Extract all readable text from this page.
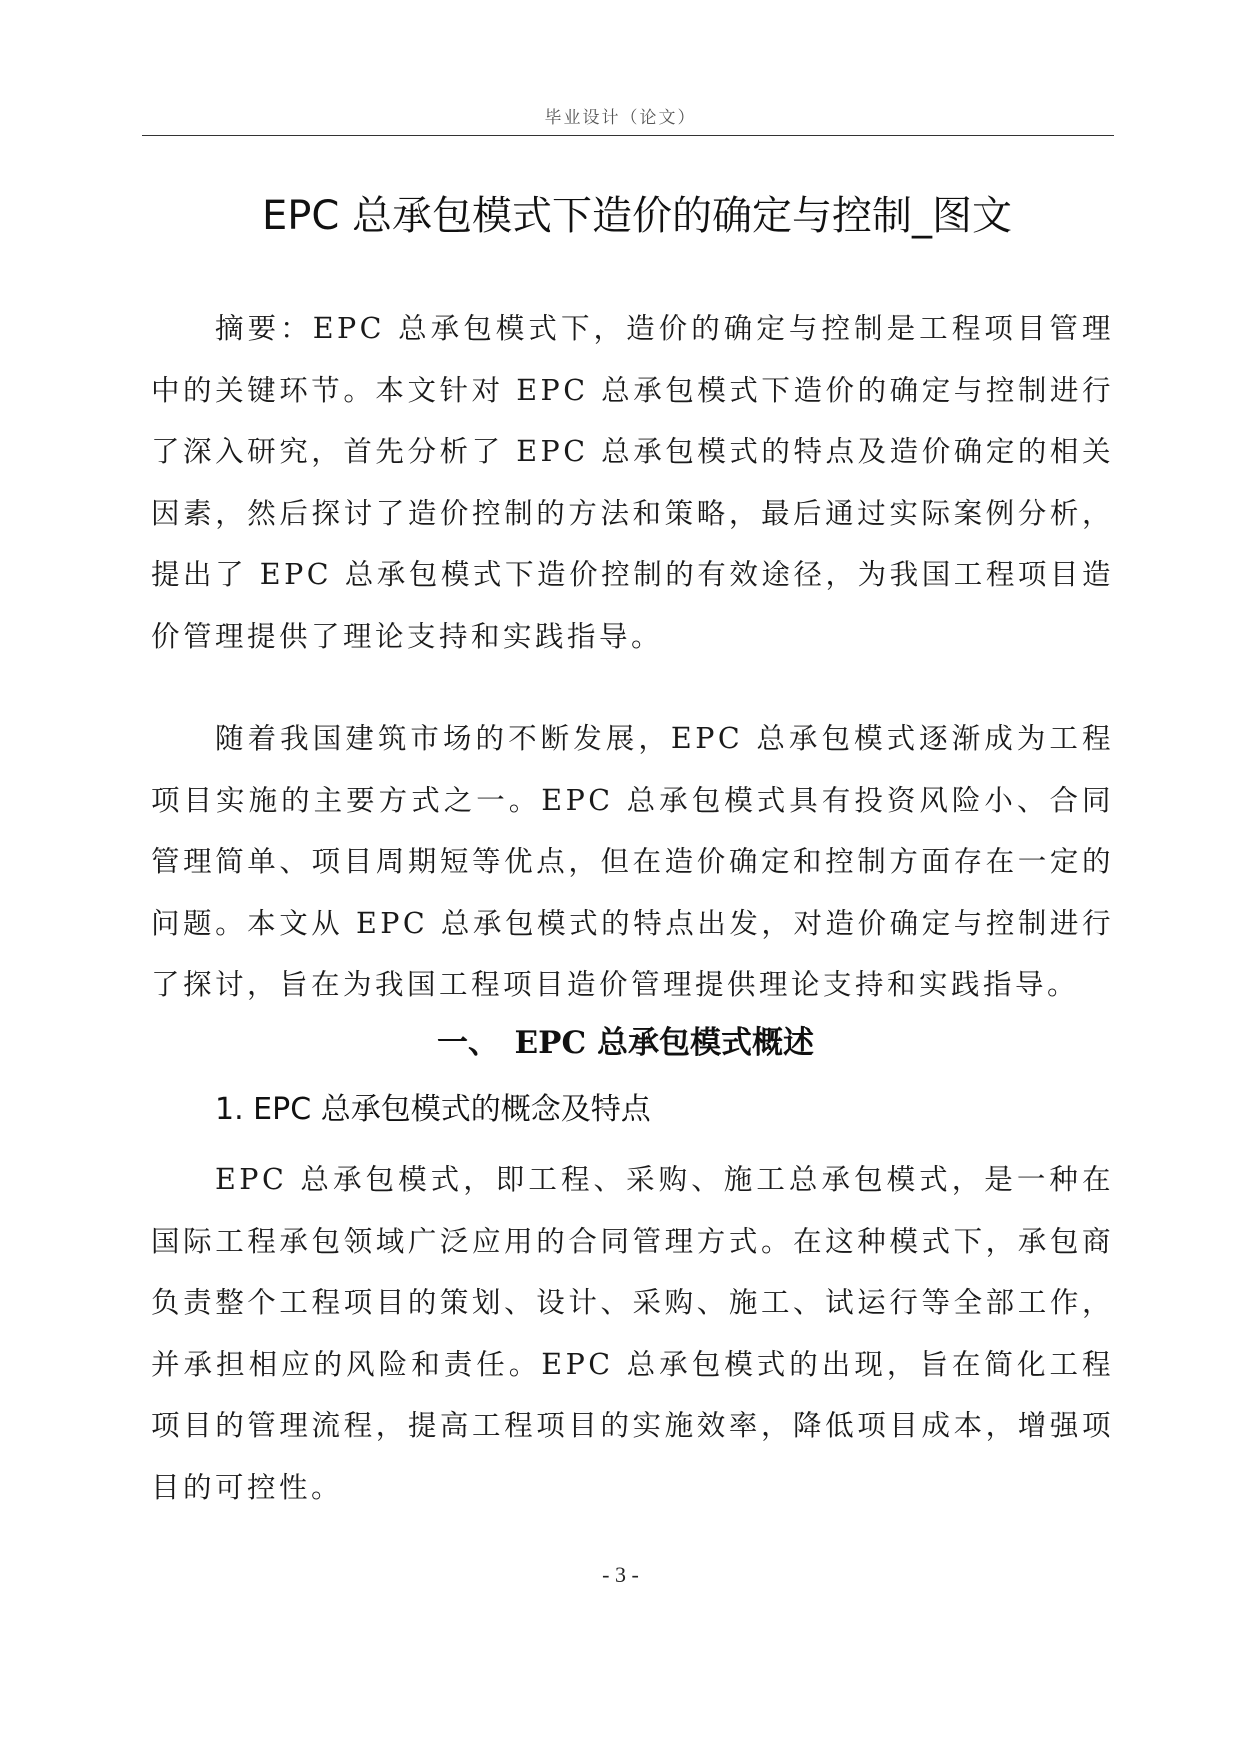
毕业设计（论文）
EPC 总承包模式下造价的确定与控制_图文

摘要：EPC 总承包模式下，造价的确定与控制是工程项目管理中的关键环节。本文针对 EPC 总承包模式下造价的确定与控制进行了深入研究，首先分析了 EPC 总承包模式的特点及造价确定的相关因素，然后探讨了造价控制的方法和策略，最后通过实际案例分析，提出了 EPC 总承包模式下造价控制的有效途径，为我国工程项目造价管理提供了理论支持和实践指导。

随着我国建筑市场的不断发展，EPC 总承包模式逐渐成为工程项目实施的主要方式之一。EPC 总承包模式具有投资风险小、合同管理简单、项目周期短等优点，但在造价确定和控制方面存在一定的问题。本文从 EPC 总承包模式的特点出发，对造价确定与控制进行了探讨，旨在为我国工程项目造价管理提供理论支持和实践指导。

一、　EPC 总承包模式概述
1. EPC 总承包模式的概念及特点

EPC 总承包模式，即工程、采购、施工总承包模式，是一种在国际工程承包领域广泛应用的合同管理方式。在这种模式下，承包商负责整个工程项目的策划、设计、采购、施工、试运行等全部工作，并承担相应的风险和责任。EPC 总承包模式的出现，旨在简化工程项目的管理流程，提高工程项目的实施效率，降低项目成本，增强项目的可控性。

- 3 -
